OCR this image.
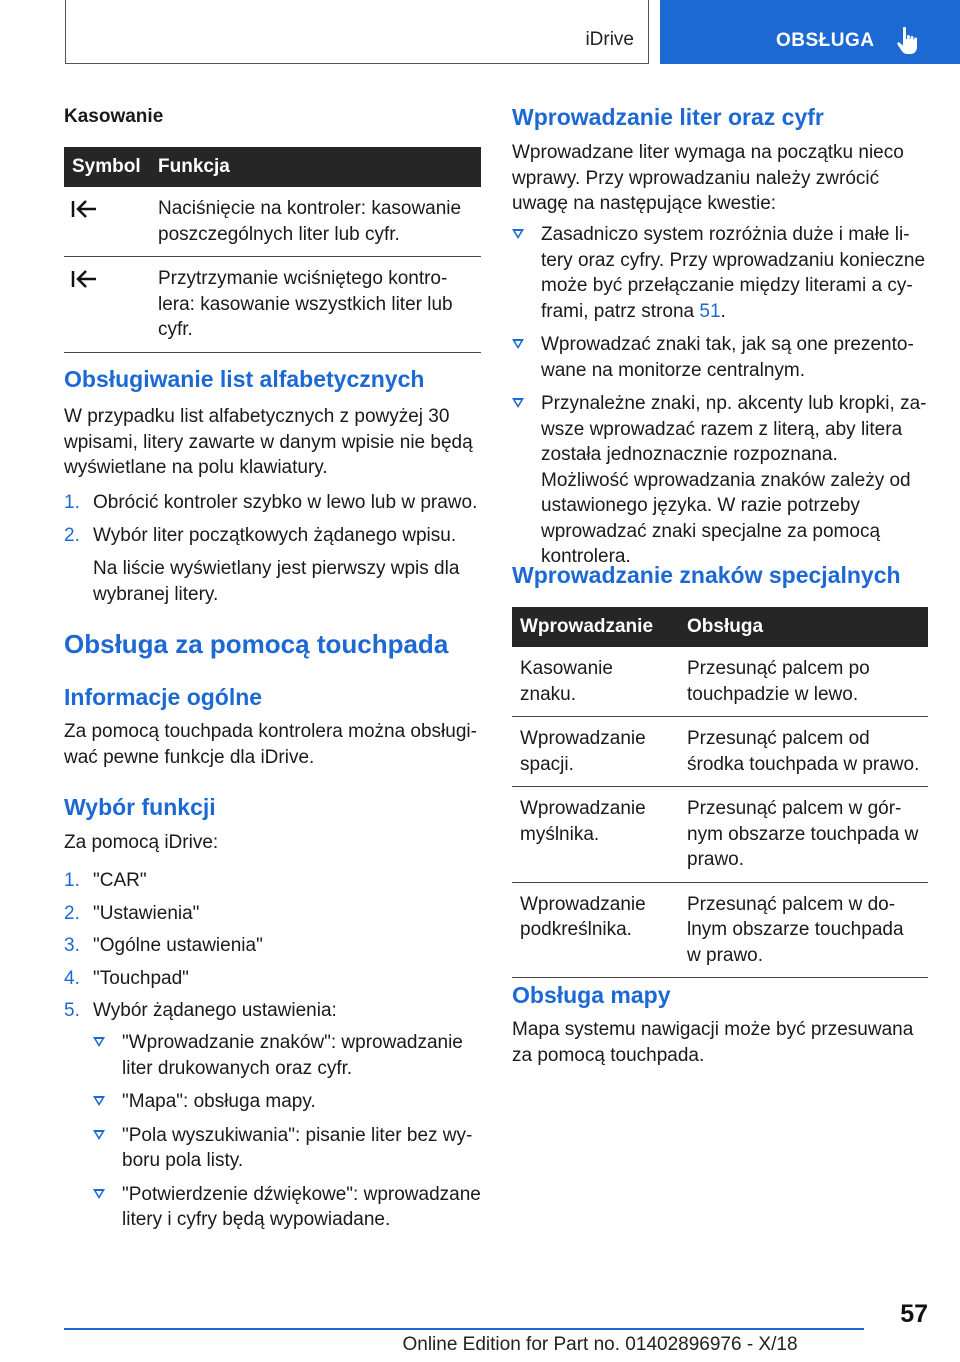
iDrive	OBSŁUGA
Kasowanie
Symbol	Funkcja
	Naciśnięcie na kontroler: kasowanie poszczególnych liter lub cyfr.
	Przytrzymanie wciśniętego kontrolera: kasowanie wszystkich liter lub cyfr.
Obsługiwanie list alfabetycznych
W przypadku list alfabetycznych z powyżej 30 wpisami, litery zawarte w danym wpisie nie będą wyświetlane na polu klawiatury.
1. Obrócić kontroler szybko w lewo lub w prawo.
2. Wybór liter początkowych żądanego wpisu.
Na liście wyświetlany jest pierwszy wpis dla wybranej litery.
Obsługa za pomocą touchpada
Informacje ogólne
Za pomocą touchpada kontrolera można obsługiwać pewne funkcje dla iDrive.
Wybór funkcji
Za pomocą iDrive:
1. "CAR"
2. "Ustawienia"
3. "Ogólne ustawienia"
4. "Touchpad"
5. Wybór żądanego ustawienia:
"Wprowadzanie znaków": wprowadzanie liter drukowanych oraz cyfr.
"Mapa": obsługa mapy.
"Pola wyszukiwania": pisanie liter bez wyboru pola listy.
"Potwierdzenie dźwiękowe": wprowadzane litery i cyfry będą wypowiadane.
Wprowadzanie liter oraz cyfr
Wprowadzane liter wymaga na początku nieco wprawy. Przy wprowadzaniu należy zwrócić uwagę na następujące kwestie:
Zasadniczo system rozróżnia duże i małe litery oraz cyfry. Przy wprowadzaniu konieczne może być przełączanie między literami a cyframi, patrz strona 51.
Wprowadzać znaki tak, jak są one prezentowane na monitorze centralnym.
Przynależne znaki, np. akcenty lub kropki, zawsze wprowadzać razem z literą, aby litera została jednoznacznie rozpoznana. Możliwość wprowadzania znaków zależy od ustawionego języka. W razie potrzeby wprowadzać znaki specjalne za pomocą kontrolera.
Wprowadzanie znaków specjalnych
Wprowadzanie	Obsługa
Kasowanie znaku.	Przesunąć palcem po touchpadzie w lewo.
Wprowadzanie spacji.	Przesunąć palcem od środka touchpada w prawo.
Wprowadzanie myślnika.	Przesunąć palcem w górnym obszarze touchpada w prawo.
Wprowadzanie podkreślnika.	Przesunąć palcem w dolnym obszarze touchpada w prawo.
Obsługa mapy
Mapa systemu nawigacji może być przesuwana za pomocą touchpada.
57
Online Edition for Part no. 01402896976 - X/18
